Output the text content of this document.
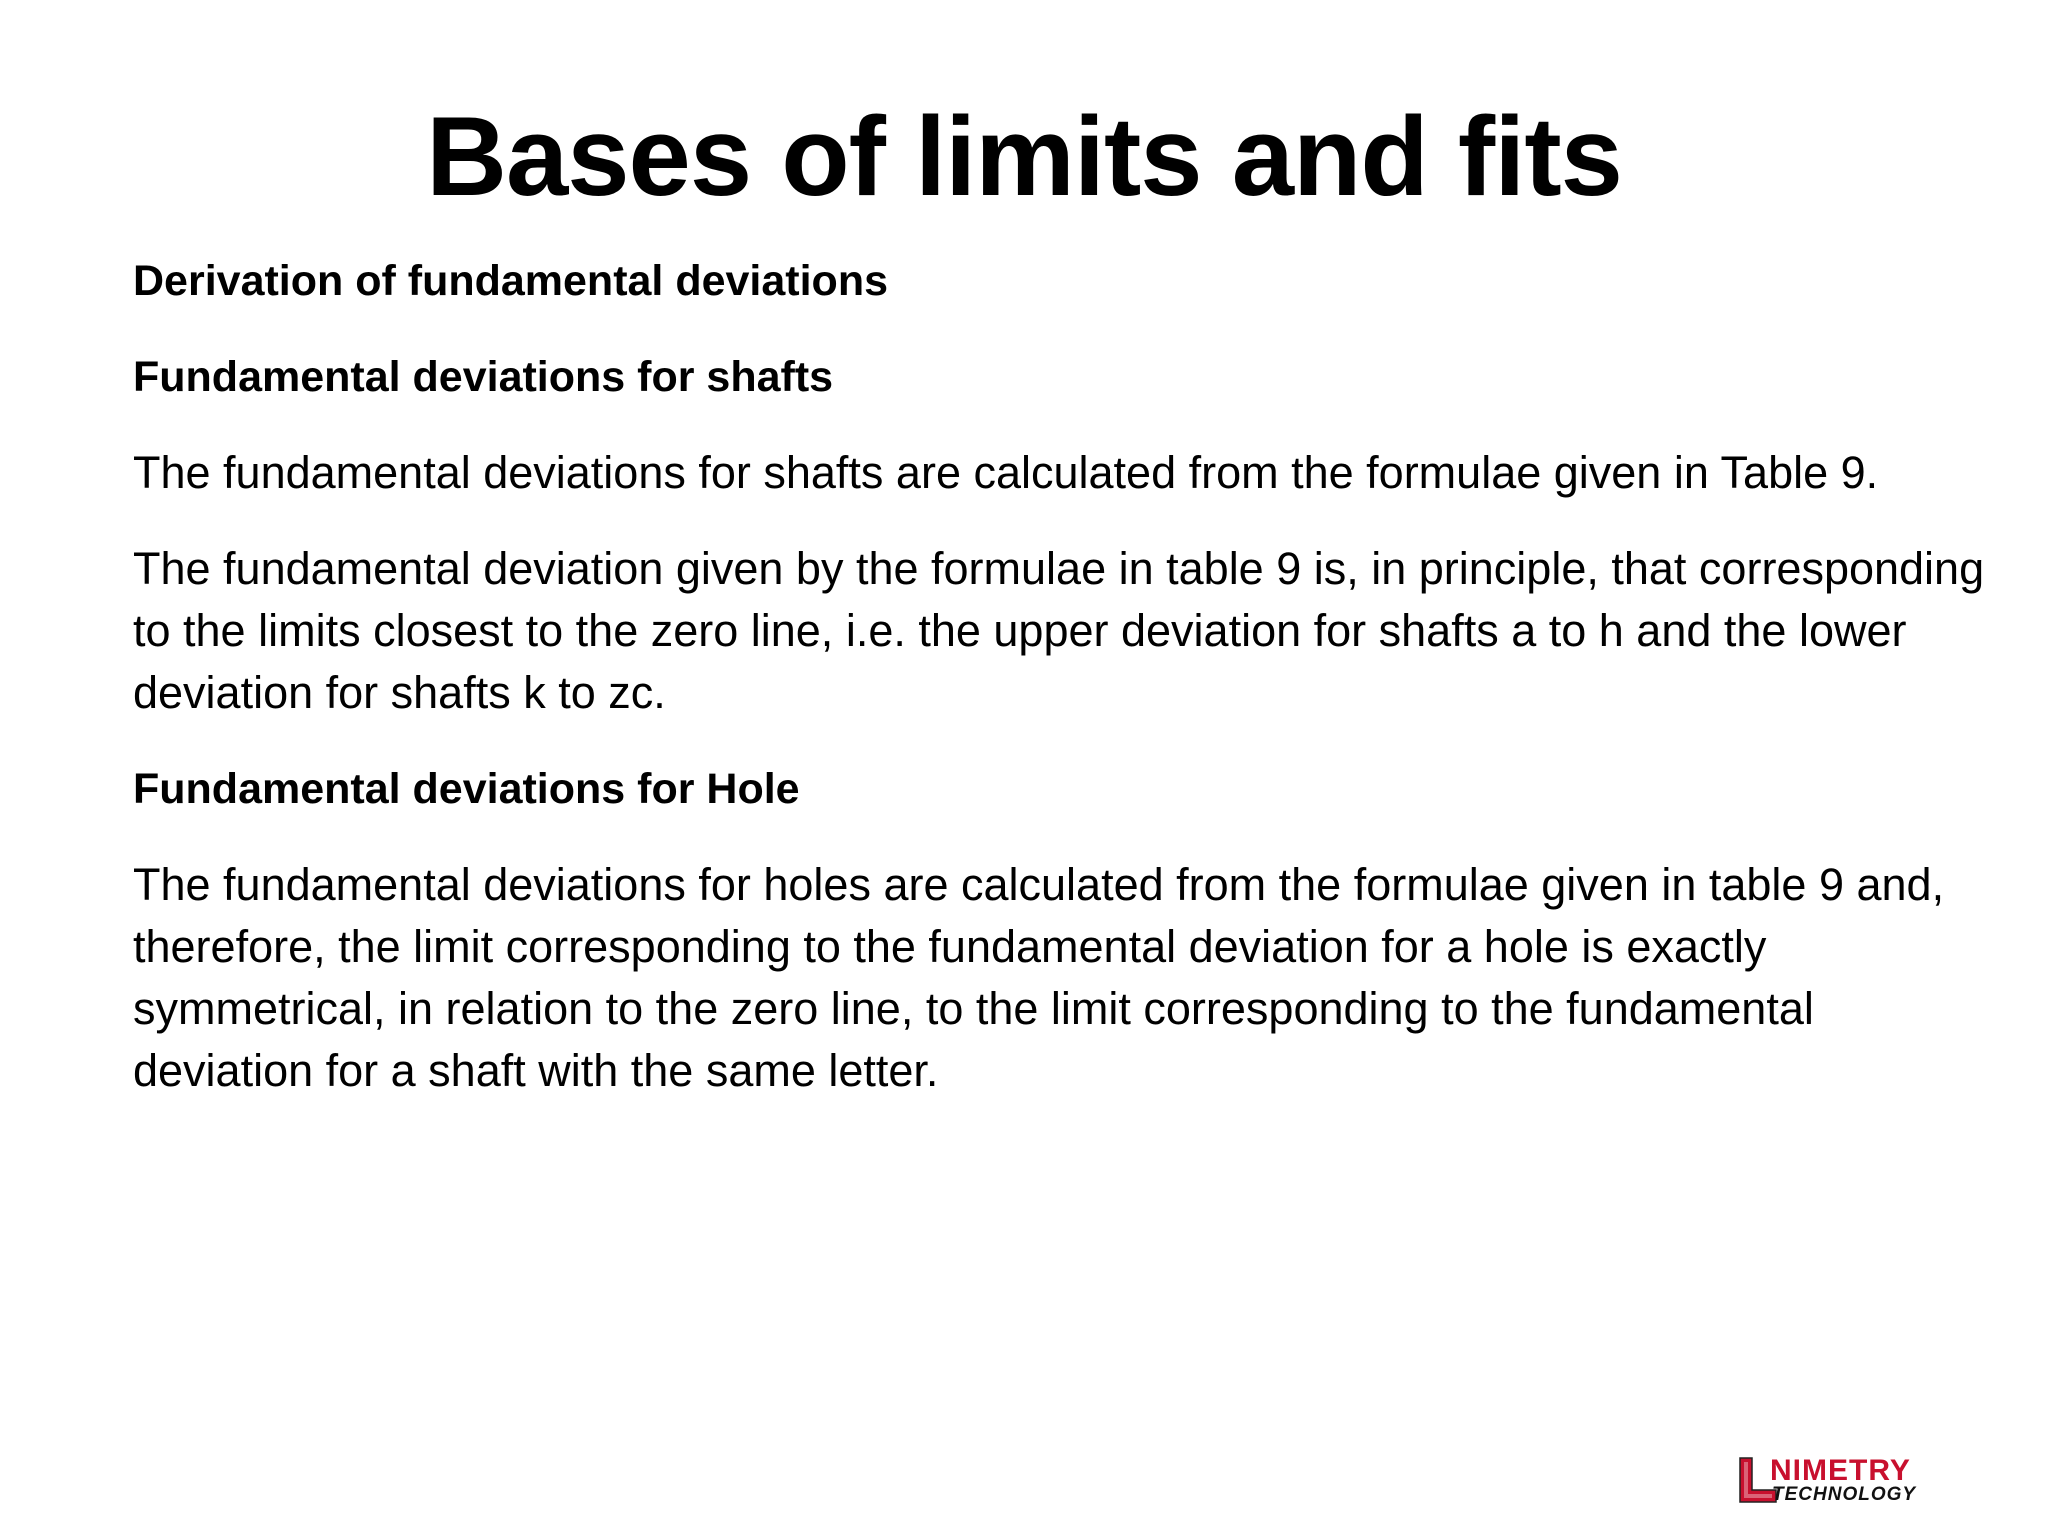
Bases of limits and fits

Derivation of fundamental deviations

Fundamental deviations for shafts

The fundamental deviations for shafts are calculated from the formulae given in Table 9.

The fundamental deviation given by the formulae in table 9 is, in principle, that corresponding to the limits closest to the zero line, i.e. the upper deviation for shafts a to h and the lower deviation for shafts k to zc.

Fundamental deviations for Hole

The fundamental deviations for holes are calculated from the formulae given in table 9 and, therefore, the limit corresponding to the fundamental deviation for a hole is exactly symmetrical, in relation to the zero line, to the limit corresponding to the fundamental deviation for a shaft with the same letter.

NIMETRY
TECHNOLOGY
